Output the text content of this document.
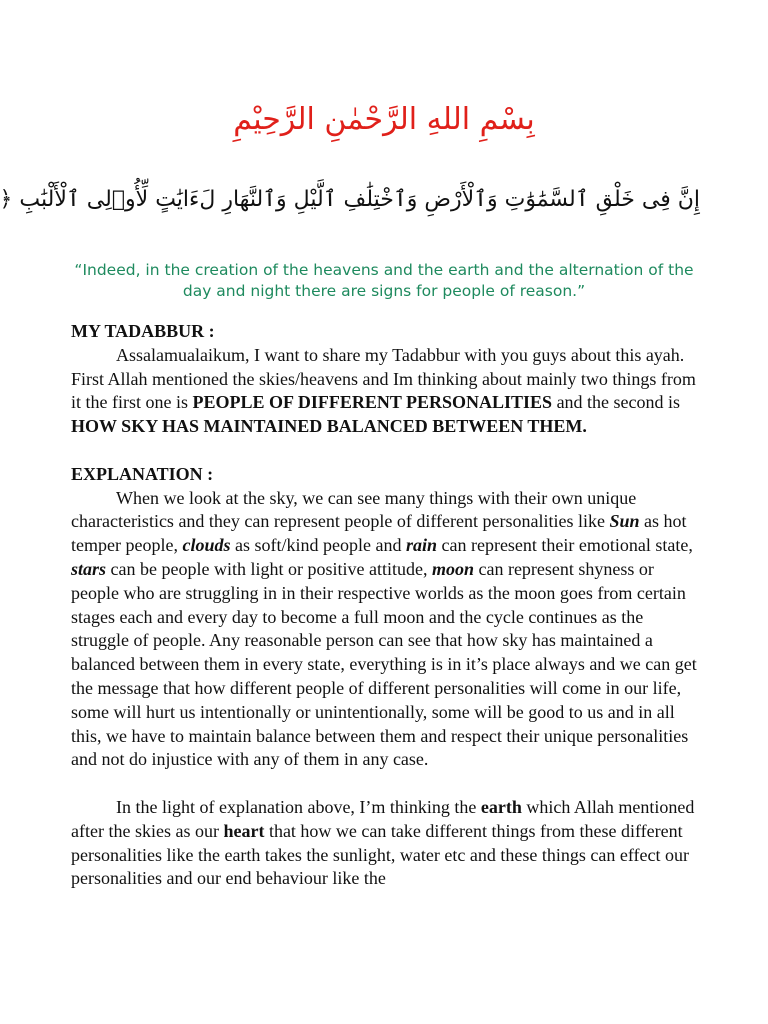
بِسْمِ اللهِ الرَّحْمٰنِ الرَّحِيْمِ
إِنَّ فِى خَلْقِ ٱلسَّمَٰوَٰتِ وَٱلْأَرْضِ وَٱخْتِلَٰفِ ٱلَّيْلِ وَٱلنَّهَارِ لَءَايَٰتٍ لِّأُو۟لِى ٱلْأَلْبَٰبِ ﴿
“Indeed, in the creation of the heavens and the earth and the alternation of the day and night there are signs for people of reason.”

MY TADABBUR :

Assalamualaikum, I want to share my Tadabbur with you guys about this ayah. First Allah mentioned the skies/heavens and Im thinking about mainly two things from it the first one is PEOPLE OF DIFFERENT PERSONALITIES and the second is HOW SKY HAS MAINTAINED BALANCED BETWEEN THEM.

EXPLANATION :

When we look at the sky, we can see many things with their own unique characteristics and they can represent people of different personalities like Sun as hot temper people, clouds as soft/kind people and rain can represent their emotional state, stars can be people with light or positive attitude, moon can represent shyness or people who are struggling in in their respective worlds as the moon goes from certain stages each and every day to become a full moon and the cycle continues as the struggle of people. Any reasonable person can see that how sky has maintained a balanced between them in every state, everything is in it’s place always and we can get the message that how different people of different personalities will come in our life, some will hurt us intentionally or unintentionally, some will be good to us and in all this, we have to maintain balance between them and respect their unique personalities and not do injustice with any of them in any case.

In the light of explanation above, I’m thinking the earth which Allah mentioned after the skies as our heart that how we can take different things from these different personalities like the earth takes the sunlight, water etc and these things can effect our personalities and our end behaviour like the
